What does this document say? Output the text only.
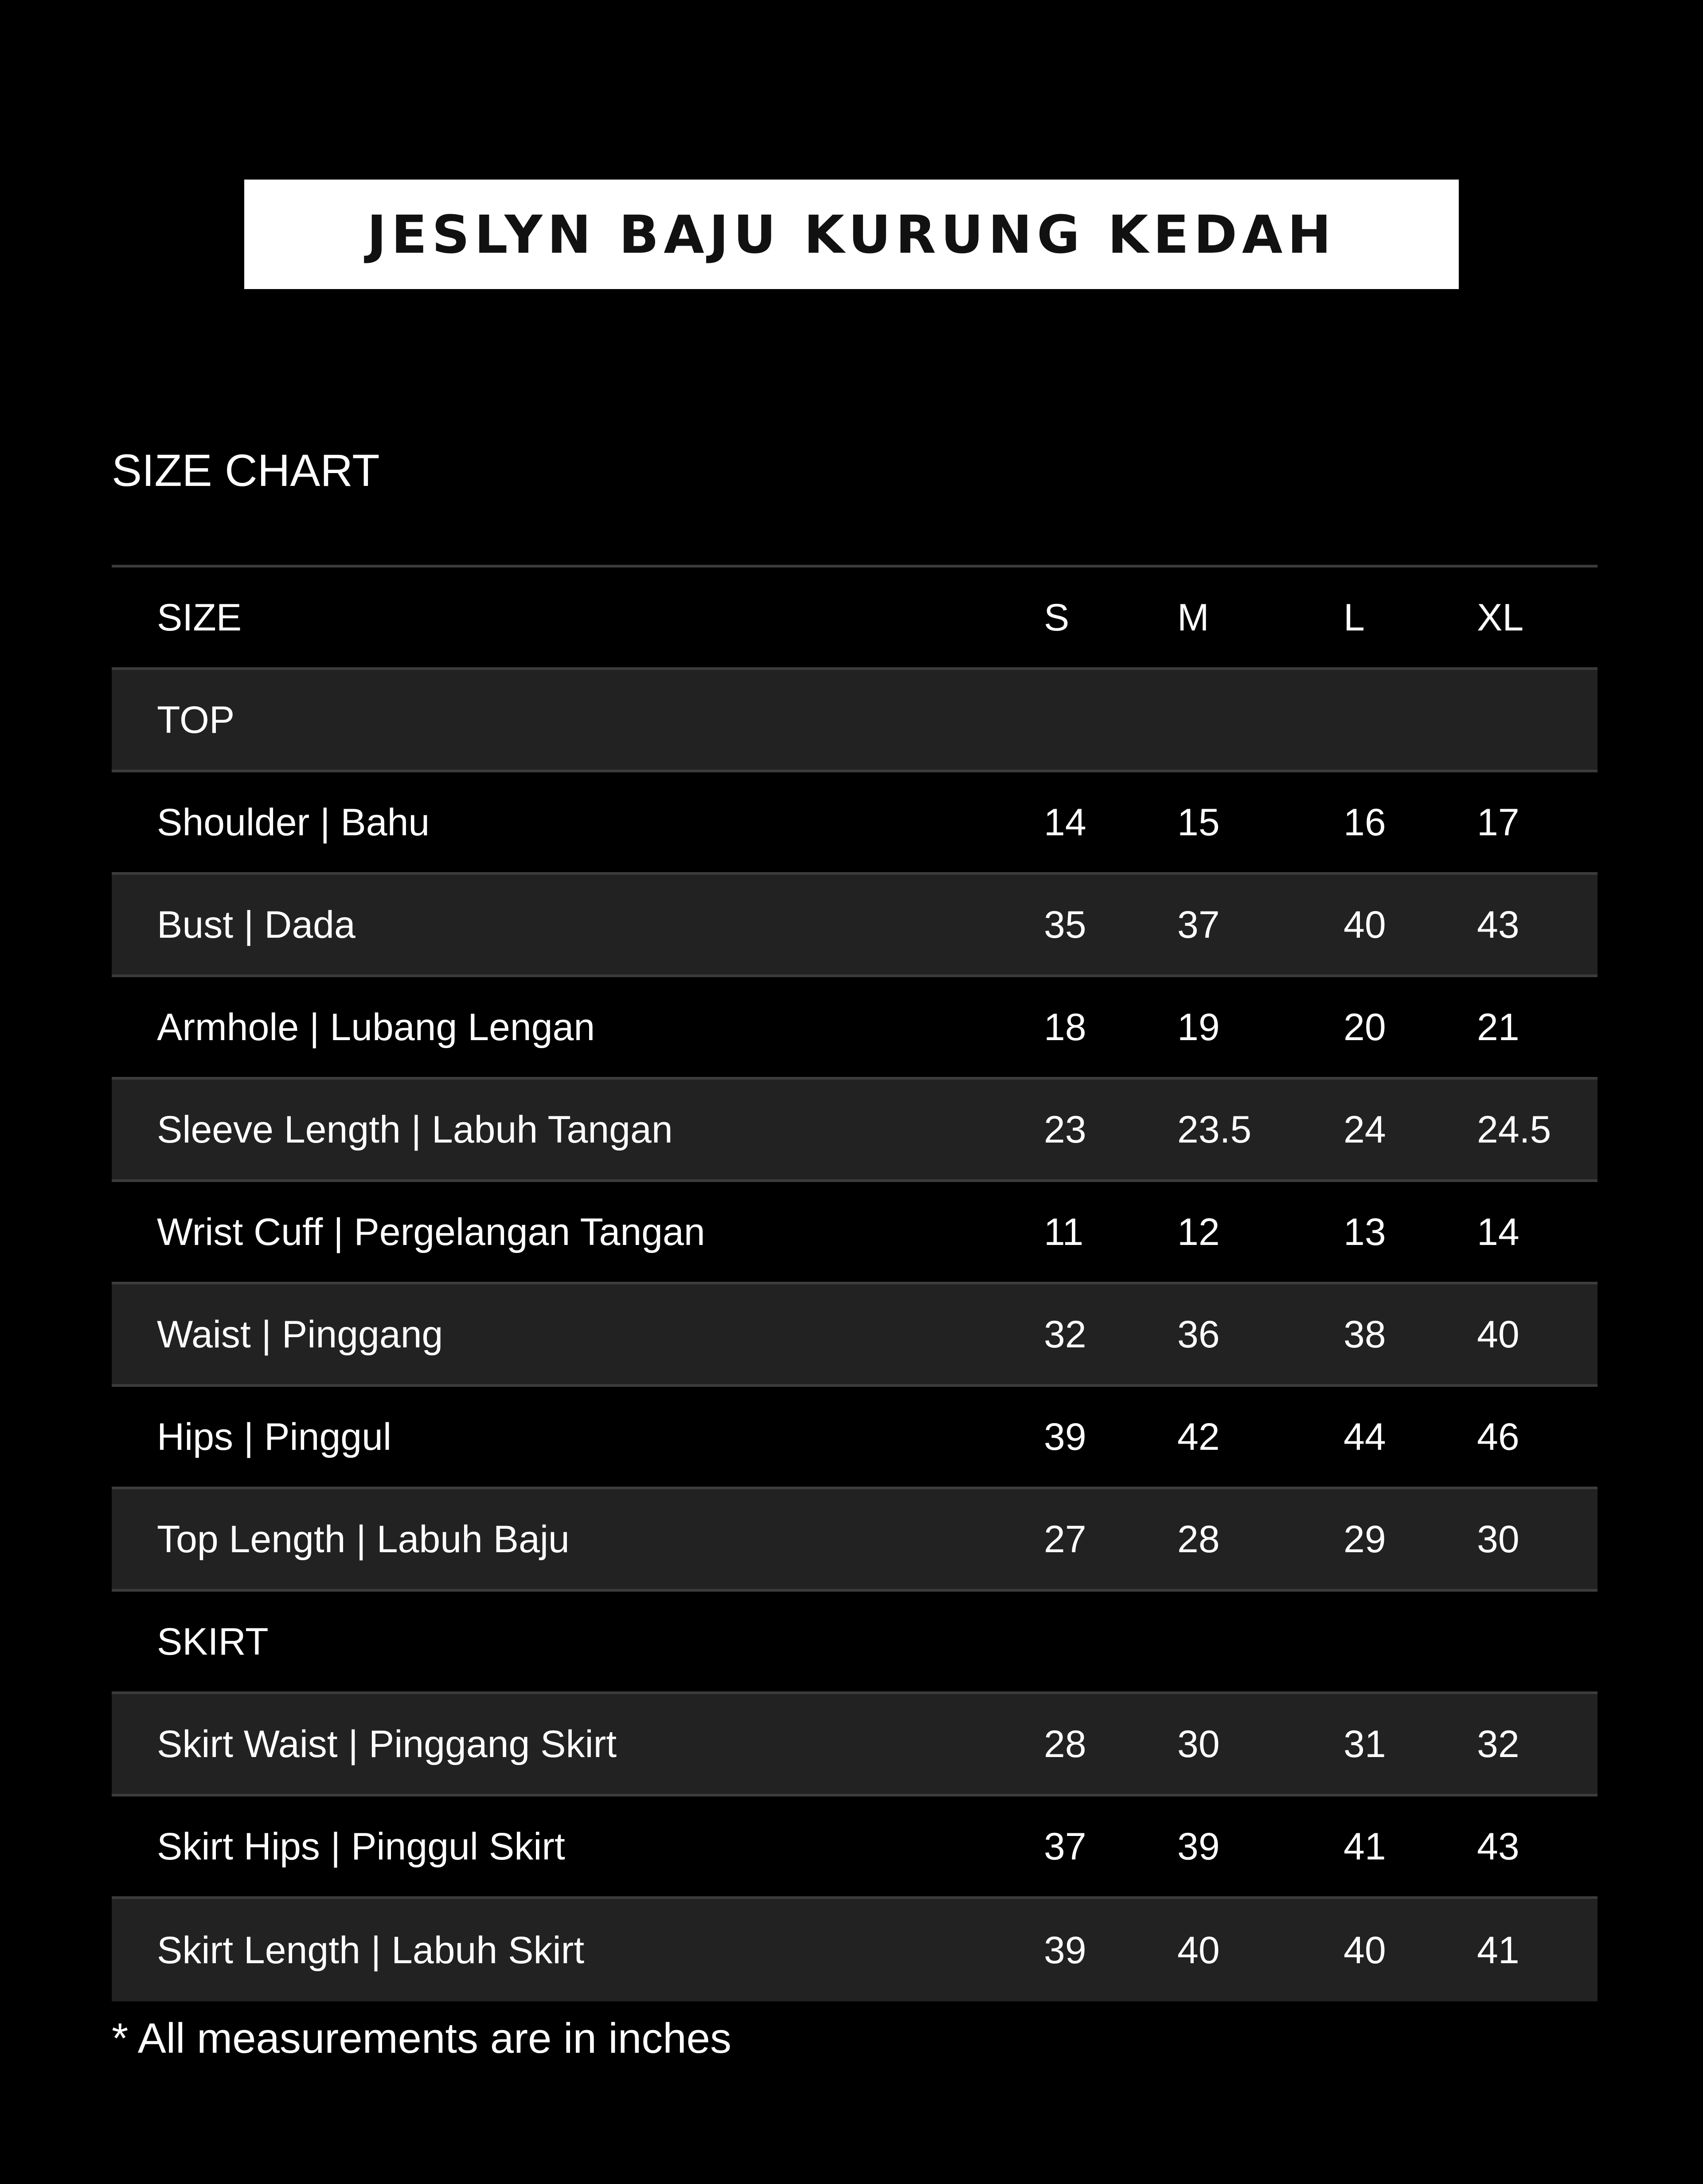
JESLYN BAJU KURUNG KEDAH
SIZE CHART
SIZE	S	M	L	XL
TOP
Shoulder | Bahu	14 15	16 17
Bust | Dada	35 37	40 43
Armhole | Lubang Lengan	18 19	20 21
Sleeve Length | Labuh Tangan	23 23.5 24 24.5
Wrist Cuff | Pergelangan Tangan	11 12	13 14
Waist | Pinggang	32 36	38 40
Hips | Pinggul	39 42	44 46
Top Length | Labuh Baju	27 28	29 30
SKIRT
Skirt Waist | Pinggang Skirt	28 30	31 32
Skirt Hips | Pinggul Skirt	37 39	41 43
Skirt Length | Labuh Skirt	39 40	40 41
* All measurements are in inches
